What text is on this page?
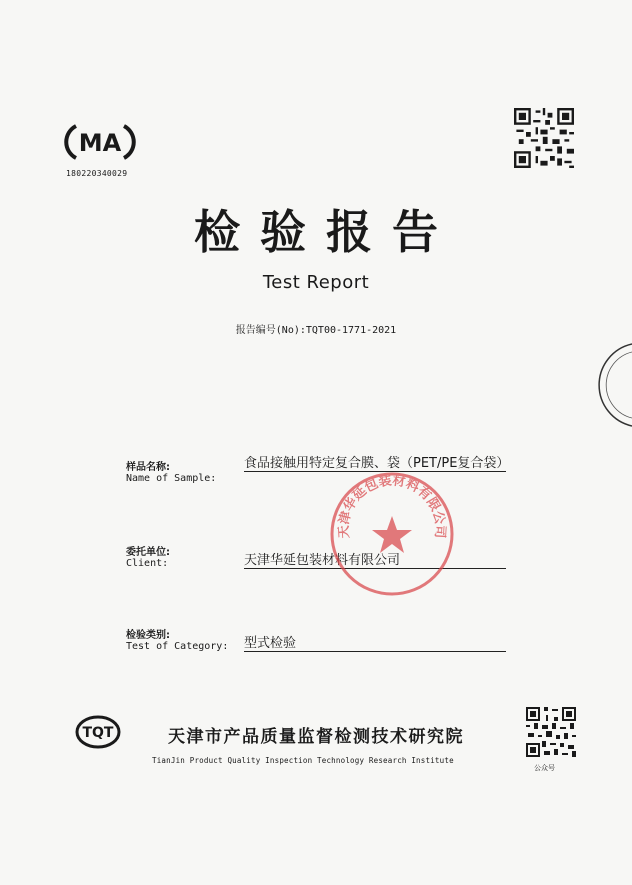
MA
180220340029
检验报告
Test Report
报告编号(No):TQT00-1771-2021
样品名称:
Name of Sample:
食品接触用特定复合膜、袋（PET/PE复合袋）
委托单位:
Client:	天津华延包装材料有限公司
检验类别:
Test of Category: 型式检验
天津华延包装材料有限公司
TQT	天津市产品质量监督检测技术研究院
TianJin Product Quality Inspection Technology Research Institute
公众号
